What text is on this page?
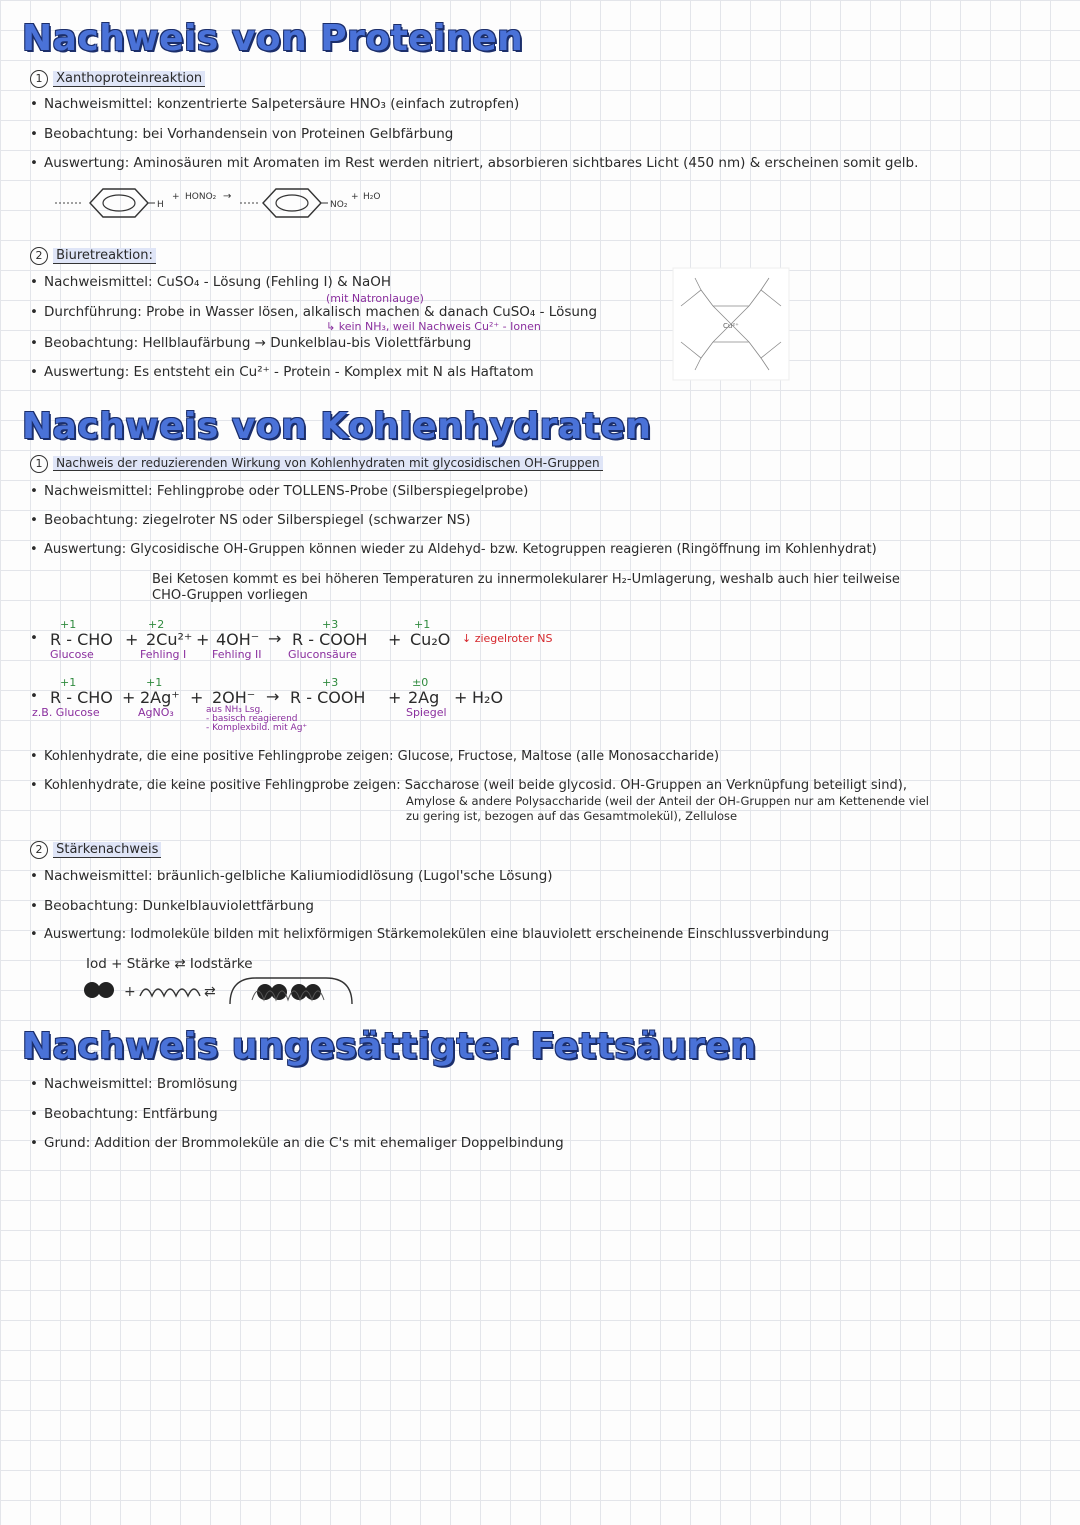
Nachweis von Proteinen
1 Xanthoproteinreaktion
• Nachweismittel: konzentrierte Salpetersäure HNO₃ (einfach zutropfen)
• Beobachtung: bei Vorhandensein von Proteinen Gelbfärbung
• Auswertung: Aminosäuren mit Aromaten im Rest werden nitriert, absorbieren sichtbares Licht (450 nm) & erscheinen somit gelb.
H
+ HONO₂ →
NO₂
+ H₂O
2 Biuretreaktion:
• Nachweismittel: CuSO₄ - Lösung (Fehling I) & NaOH
(mit Natronlauge)
• Durchführung: Probe in Wasser lösen, alkalisch machen & danach CuSO₄ - Lösung
↳ kein NH₃, weil Nachweis Cu²⁺ - Ionen
• Beobachtung: Hellblaufärbung → Dunkelblau-bis Violettfärbung
• Auswertung: Es entsteht ein Cu²⁺ - Protein - Komplex mit N als Haftatom
Cu²⁺
Nachweis von Kohlenhydraten
1 Nachweis der reduzierenden Wirkung von Kohlenhydraten mit glycosidischen OH-Gruppen
• Nachweismittel: Fehlingprobe oder TOLLENS-Probe (Silberspiegelprobe)
• Beobachtung: ziegelroter NS oder Silberspiegel (schwarzer NS)
• Auswertung: Glycosidische OH-Gruppen können wieder zu Aldehyd- bzw. Ketogruppen reagieren (Ringöffnung im Kohlenhydrat)
Bei Ketosen kommt es bei höheren Temperaturen zu innermolekularer H₂-Umlagerung, weshalb auch hier teilweise
CHO-Gruppen vorliegen
•
+1
R - CHO
Glucose
+
+2
2Cu²⁺
Fehling I
+ 4OH⁻
Fehling II
→
+3
R - COOH
Gluconsäure
+
+1
Cu₂O ↓ ziegelroter NS
•
+1
R - CHO
z.B. Glucose
+
+1
2Ag⁺
AgNO₃
+ 2OH⁻
aus NH₃ Lsg.
- basisch reagierend
- Komplexbild. mit Ag⁺
→
+3
R - COOH +
±0
2Ag
Spiegel
+ H₂O
• Kohlenhydrate, die eine positive Fehlingprobe zeigen: Glucose, Fructose, Maltose (alle Monosaccharide)
• Kohlenhydrate, die keine positive Fehlingprobe zeigen: Saccharose (weil beide glycosid. OH-Gruppen an Verknüpfung beteiligt sind),
Amylose & andere Polysaccharide (weil der Anteil der OH-Gruppen nur am Kettenende viel
zu gering ist, bezogen auf das Gesamtmolekül), Zellulose
2 Stärkenachweis
• Nachweismittel: bräunlich-gelbliche Kaliumiodidlösung (Lugol'sche Lösung)
• Beobachtung: Dunkelblauviolettfärbung
• Auswertung: Iodmoleküle bilden mit helixförmigen Stärkemolekülen eine blauviolett erscheinende Einschlussverbindung
Iod + Stärke ⇄ Iodstärke
+	⇄
Nachweis ungesättigter Fettsäuren
• Nachweismittel: Bromlösung
• Beobachtung: Entfärbung
• Grund: Addition der Brommoleküle an die C's mit ehemaliger Doppelbindung
